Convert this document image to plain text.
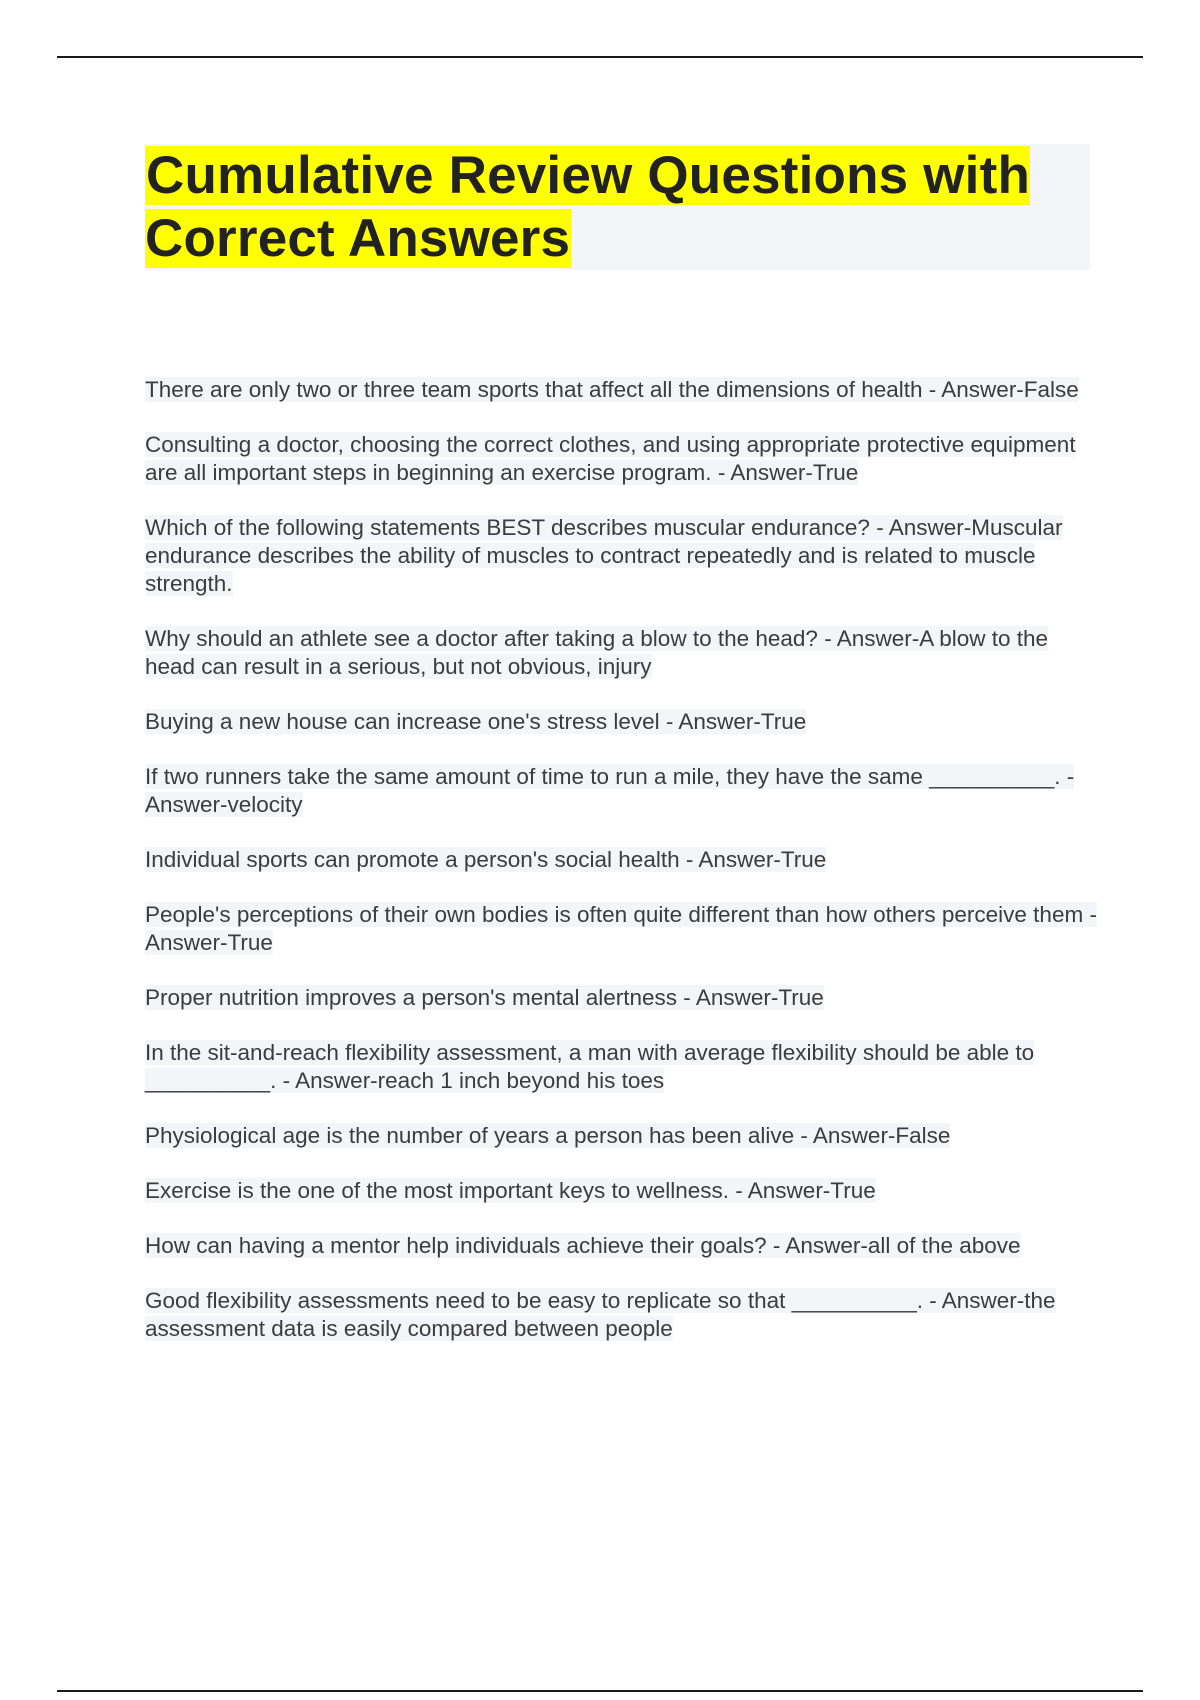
Cumulative Review Questions with Correct Answers
There are only two or three team sports that affect all the dimensions of health - Answer-False
Consulting a doctor, choosing the correct clothes, and using appropriate protective equipment are all important steps in beginning an exercise program. - Answer-True
Which of the following statements BEST describes muscular endurance? - Answer-Muscular endurance describes the ability of muscles to contract repeatedly and is related to muscle strength.
Why should an athlete see a doctor after taking a blow to the head? - Answer-A blow to the head can result in a serious, but not obvious, injury
Buying a new house can increase one's stress level - Answer-True
If two runners take the same amount of time to run a mile, they have the same __________. - Answer-velocity
Individual sports can promote a person's social health - Answer-True
People's perceptions of their own bodies is often quite different than how others perceive them - Answer-True
Proper nutrition improves a person's mental alertness - Answer-True
In the sit-and-reach flexibility assessment, a man with average flexibility should be able to __________. - Answer-reach 1 inch beyond his toes
Physiological age is the number of years a person has been alive - Answer-False
Exercise is the one of the most important keys to wellness. - Answer-True
How can having a mentor help individuals achieve their goals? - Answer-all of the above
Good flexibility assessments need to be easy to replicate so that __________. - Answer-the assessment data is easily compared between people
